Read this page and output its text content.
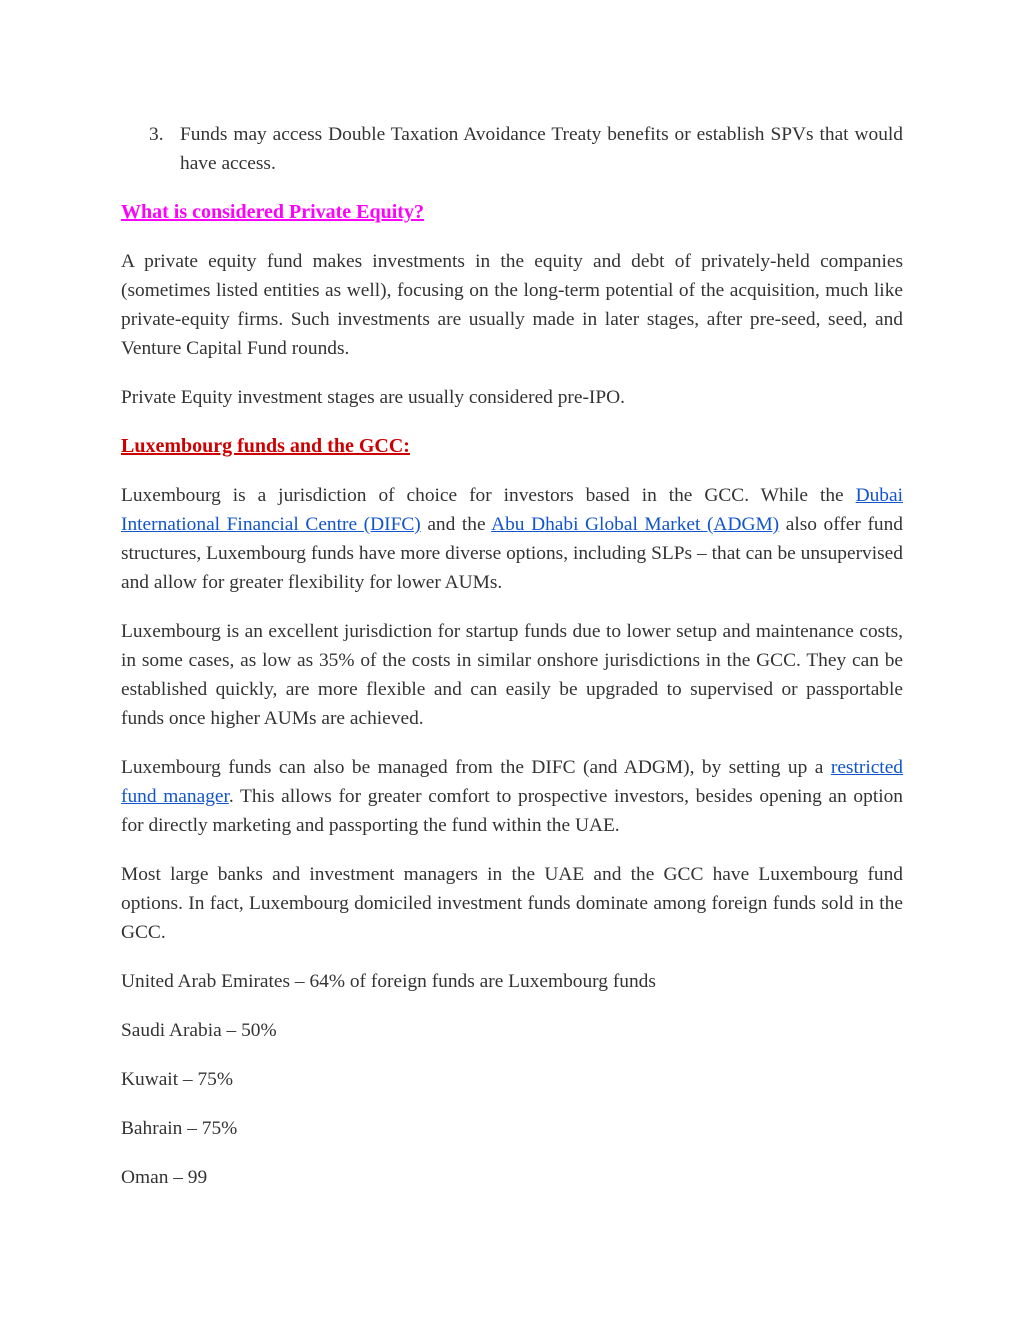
3. Funds may access Double Taxation Avoidance Treaty benefits or establish SPVs that would have access.
What is considered Private Equity?

A private equity fund makes investments in the equity and debt of privately-held companies (sometimes listed entities as well), focusing on the long-term potential of the acquisition, much like private-equity firms. Such investments are usually made in later stages, after pre-seed, seed, and Venture Capital Fund rounds.

Private Equity investment stages are usually considered pre-IPO.

Luxembourg funds and the GCC:

Luxembourg is a jurisdiction of choice for investors based in the GCC. While the Dubai International Financial Centre (DIFC) and the Abu Dhabi Global Market (ADGM) also offer fund structures, Luxembourg funds have more diverse options, including SLPs – that can be unsupervised and allow for greater flexibility for lower AUMs.

Luxembourg is an excellent jurisdiction for startup funds due to lower setup and maintenance costs, in some cases, as low as 35% of the costs in similar onshore jurisdictions in the GCC. They can be established quickly, are more flexible and can easily be upgraded to supervised or passportable funds once higher AUMs are achieved.

Luxembourg funds can also be managed from the DIFC (and ADGM), by setting up a restricted fund manager. This allows for greater comfort to prospective investors, besides opening an option for directly marketing and passporting the fund within the UAE.

Most large banks and investment managers in the UAE and the GCC have Luxembourg fund options. In fact, Luxembourg domiciled investment funds dominate among foreign funds sold in the GCC.

United Arab Emirates – 64% of foreign funds are Luxembourg funds

Saudi Arabia – 50%

Kuwait – 75%

Bahrain – 75%

Oman – 99
